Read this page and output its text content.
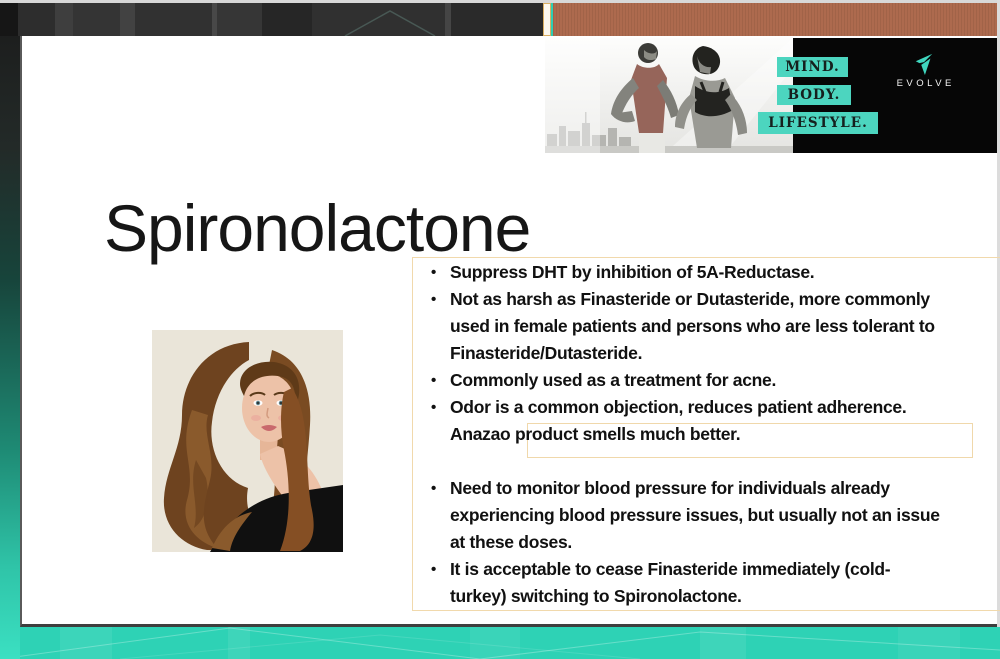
MIND.
BODY.
LIFESTYLE.
EVOLVE
Spironolactone
• Suppress DHT by inhibition of 5A-Reductase.
• Not as harsh as Finasteride or Dutasteride, more commonly
used in female patients and persons who are less tolerant to
Finasteride/Dutasteride.
• Commonly used as a treatment for acne.
• Odor is a common objection, reduces patient adherence.
Anazao product smells much better.
• Need to monitor blood pressure for individuals already
experiencing blood pressure issues, but usually not an issue
at these doses.
• It is acceptable to cease Finasteride immediately (cold-
turkey) switching to Spironolactone.
